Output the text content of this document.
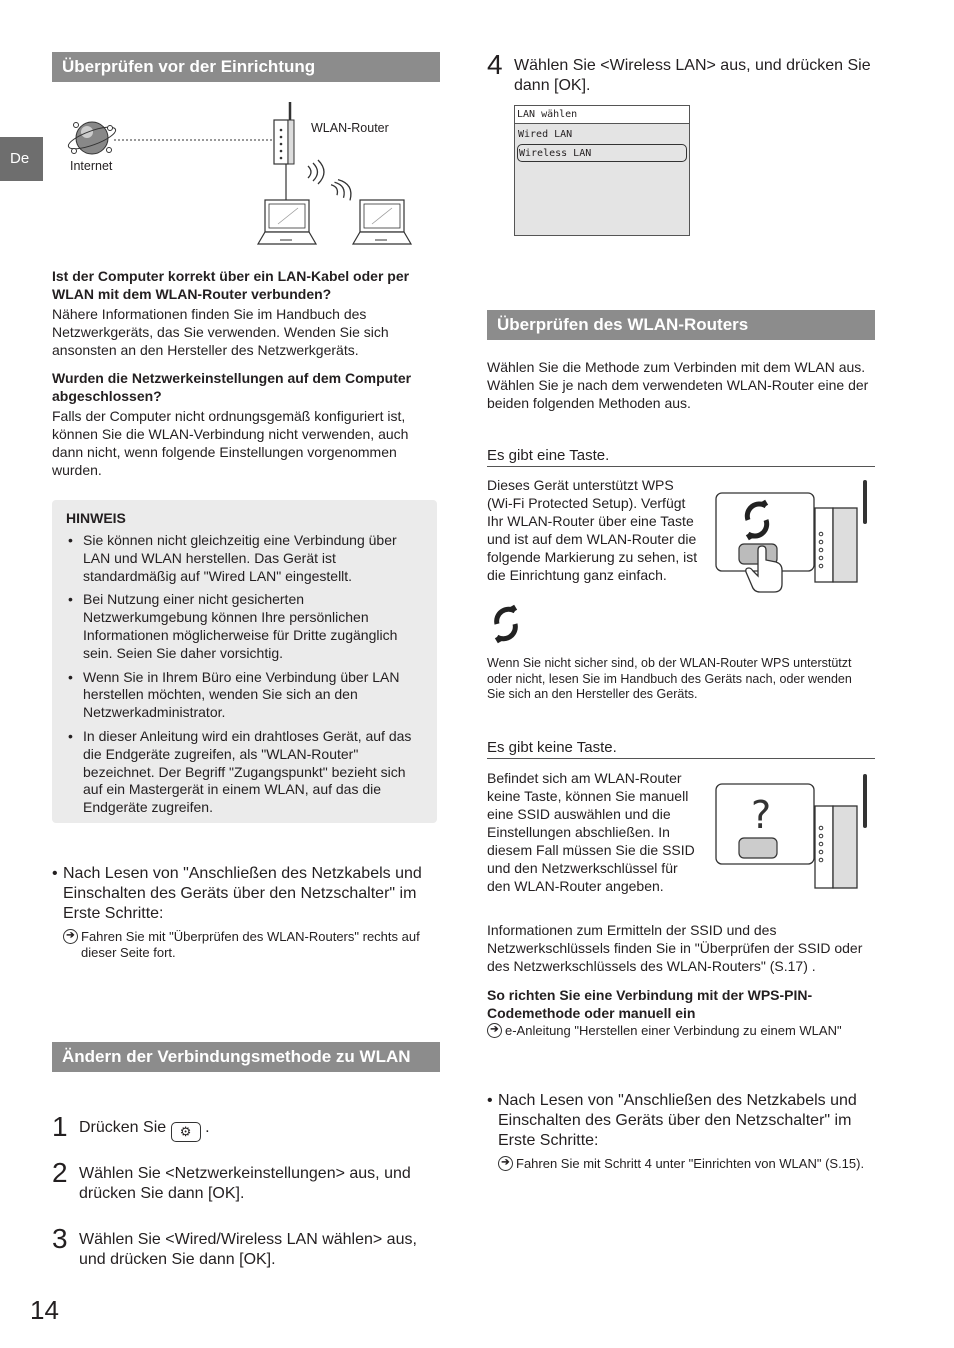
De
Überprüfen vor der Einrichtung
Internet
WLAN-Router
Ist der Computer korrekt über ein LAN-Kabel oder per WLAN mit dem WLAN-Router verbunden?
Nähere Informationen finden Sie im Handbuch des Netzwerkgeräts, das Sie verwenden. Wenden Sie sich ansonsten an den Hersteller des Netzwerkgeräts.
Wurden die Netzwerkeinstellungen auf dem Computer abgeschlossen?
Falls der Computer nicht ordnungsgemäß konfiguriert ist, können Sie die WLAN-Verbindung nicht verwenden, auch dann nicht, wenn folgende Einstellungen vorgenommen wurden.
HINWEIS
• Sie können nicht gleichzeitig eine Verbindung über LAN und WLAN herstellen. Das Gerät ist standardmäßig auf "Wired LAN" eingestellt.
• Bei Nutzung einer nicht gesicherten Netzwerkumgebung können Ihre persönlichen Informationen möglicherweise für Dritte zugänglich sein. Seien Sie daher vorsichtig.
• Wenn Sie in Ihrem Büro eine Verbindung über LAN herstellen möchten, wenden Sie sich an den Netzwerkadministrator.
• In dieser Anleitung wird ein drahtloses Gerät, auf das die Endgeräte zugreifen, als "WLAN-Router" bezeichnet. Der Begriff "Zugangspunkt" bezieht sich auf ein Mastergerät in einem WLAN, auf das die Endgeräte zugreifen.
• Nach Lesen von "Anschließen des Netzkabels und Einschalten des Geräts über den Netzschalter" im Erste Schritte:
➔ Fahren Sie mit "Überprüfen des WLAN-Routers" rechts auf dieser Seite fort.
Ändern der Verbindungsmethode zu WLAN
1 Drücken Sie ⚙ .
2 Wählen Sie <Netzwerkeinstellungen> aus, und drücken Sie dann [OK].
3 Wählen Sie <Wired/Wireless LAN wählen> aus, und drücken Sie dann [OK].
14
4 Wählen Sie <Wireless LAN> aus, und drücken Sie dann [OK].
LAN wählen
Wired LAN
Wireless LAN
Überprüfen des WLAN-Routers
Wählen Sie die Methode zum Verbinden mit dem WLAN aus. Wählen Sie je nach dem verwendeten WLAN-Router eine der beiden folgenden Methoden aus.
Es gibt eine Taste.
Dieses Gerät unterstützt WPS (Wi-Fi Protected Setup). Verfügt Ihr WLAN-Router über eine Taste und ist auf dem WLAN-Router die folgende Markierung zu sehen, ist die Einrichtung ganz einfach.
Wenn Sie nicht sicher sind, ob der WLAN-Router WPS unterstützt oder nicht, lesen Sie im Handbuch des Geräts nach, oder wenden Sie sich an den Hersteller des Geräts.
Es gibt keine Taste.
Befindet sich am WLAN-Router keine Taste, können Sie manuell eine SSID auswählen und die Einstellungen abschließen. In diesem Fall müssen Sie die SSID und den Netzwerkschlüssel für den WLAN-Router angeben.
?
Informationen zum Ermitteln der SSID und des Netzwerkschlüssels finden Sie in "Überprüfen der SSID oder des Netzwerkschlüssels des WLAN-Routers" (S.17) .
So richten Sie eine Verbindung mit der WPS-PIN-Codemethode oder manuell ein
➔ e-Anleitung "Herstellen einer Verbindung zu einem WLAN"
• Nach Lesen von "Anschließen des Netzkabels und Einschalten des Geräts über den Netzschalter" im Erste Schritte:
➔ Fahren Sie mit Schritt 4 unter "Einrichten von WLAN" (S.15).
